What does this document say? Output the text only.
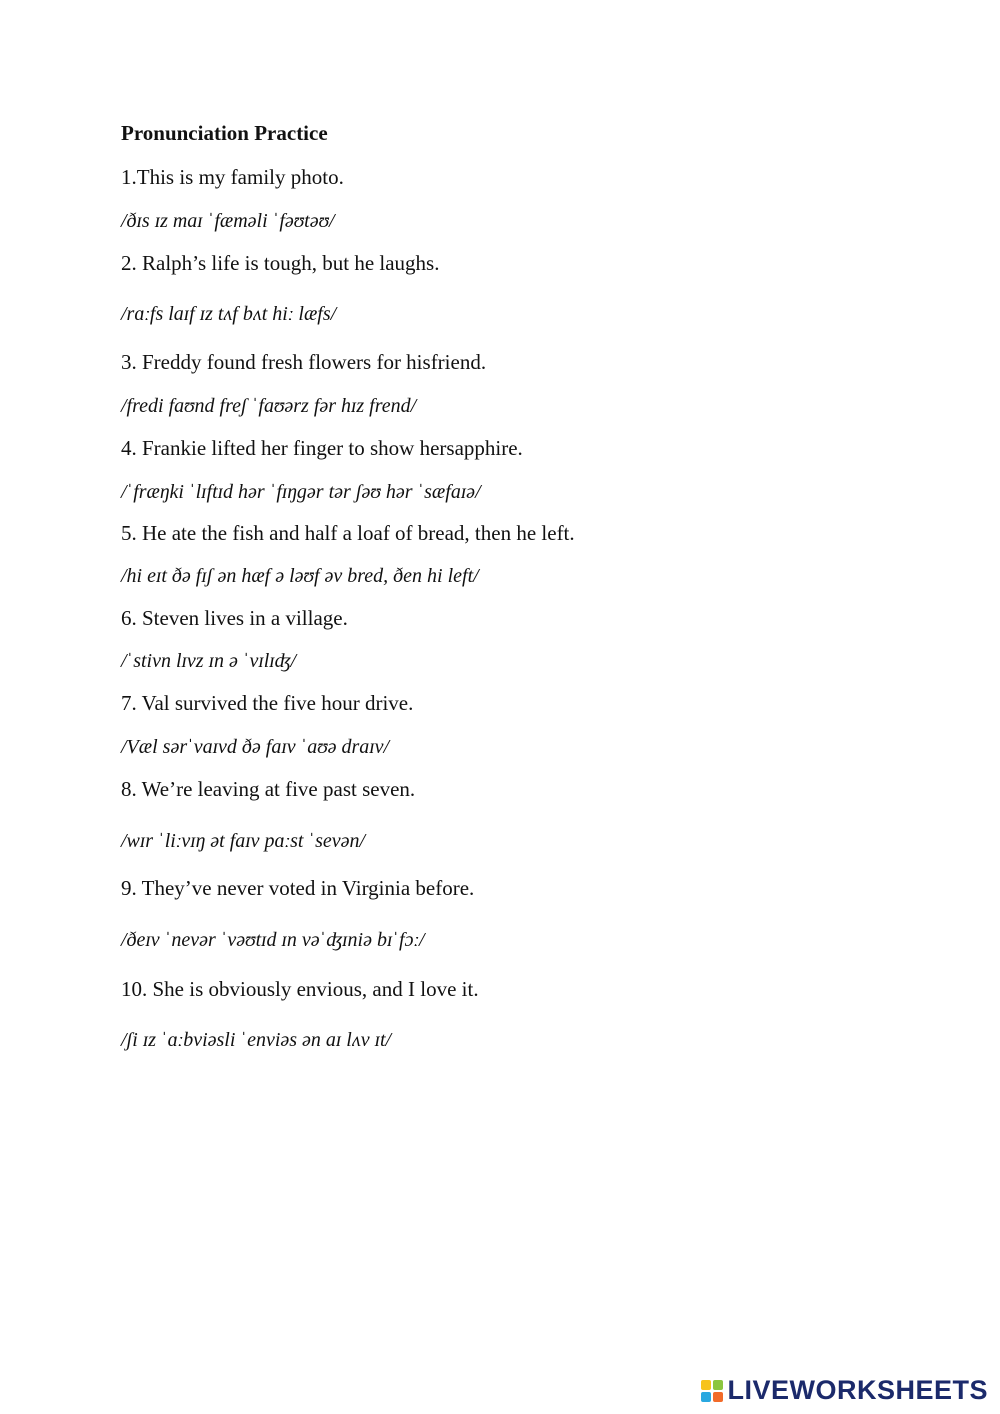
Pronunciation Practice

1.This is my family photo.

/ðɪs ɪz maɪ ˈfæməli ˈfəʊtəʊ/

2. Ralph’s life is tough, but he laughs.

/rɑːfs laɪf ɪz tʌf bʌt hiː læfs/

3. Freddy found fresh flowers for hisfriend.

/fredi faʊnd freʃ ˈfaʊərz fər hɪz frend/

4. Frankie lifted her finger to show hersapphire.

/ˈfræŋki ˈlɪftɪd hər ˈfɪŋgər tər ʃəʊ hər ˈsæfaɪə/

5. He ate the fish and half a loaf of bread, then he left.

/hi eɪt ðə fɪʃ ən hæf ə ləʊf əv bred, ðen hi left/

6. Steven lives in a village.

/ˈstivn lɪvz ɪn ə ˈvɪlɪʤ/

7. Val survived the five hour drive.

/Væl sərˈvaɪvd ðə faɪv ˈaʊə draɪv/

8. We’re leaving at five past seven.

/wɪr ˈliːvɪŋ ət faɪv pɑːst ˈsevən/

9. They’ve never voted in Virginia before.

/ðeɪv ˈnevər ˈvəʊtɪd ɪn vəˈʤɪniə bɪˈfɔː/

10. She is obviously envious, and I love it.

/ʃi ɪz ˈɑːbviəsli ˈenviəs ən aɪ lʌv ɪt/

LIVEWORKSHEETS
